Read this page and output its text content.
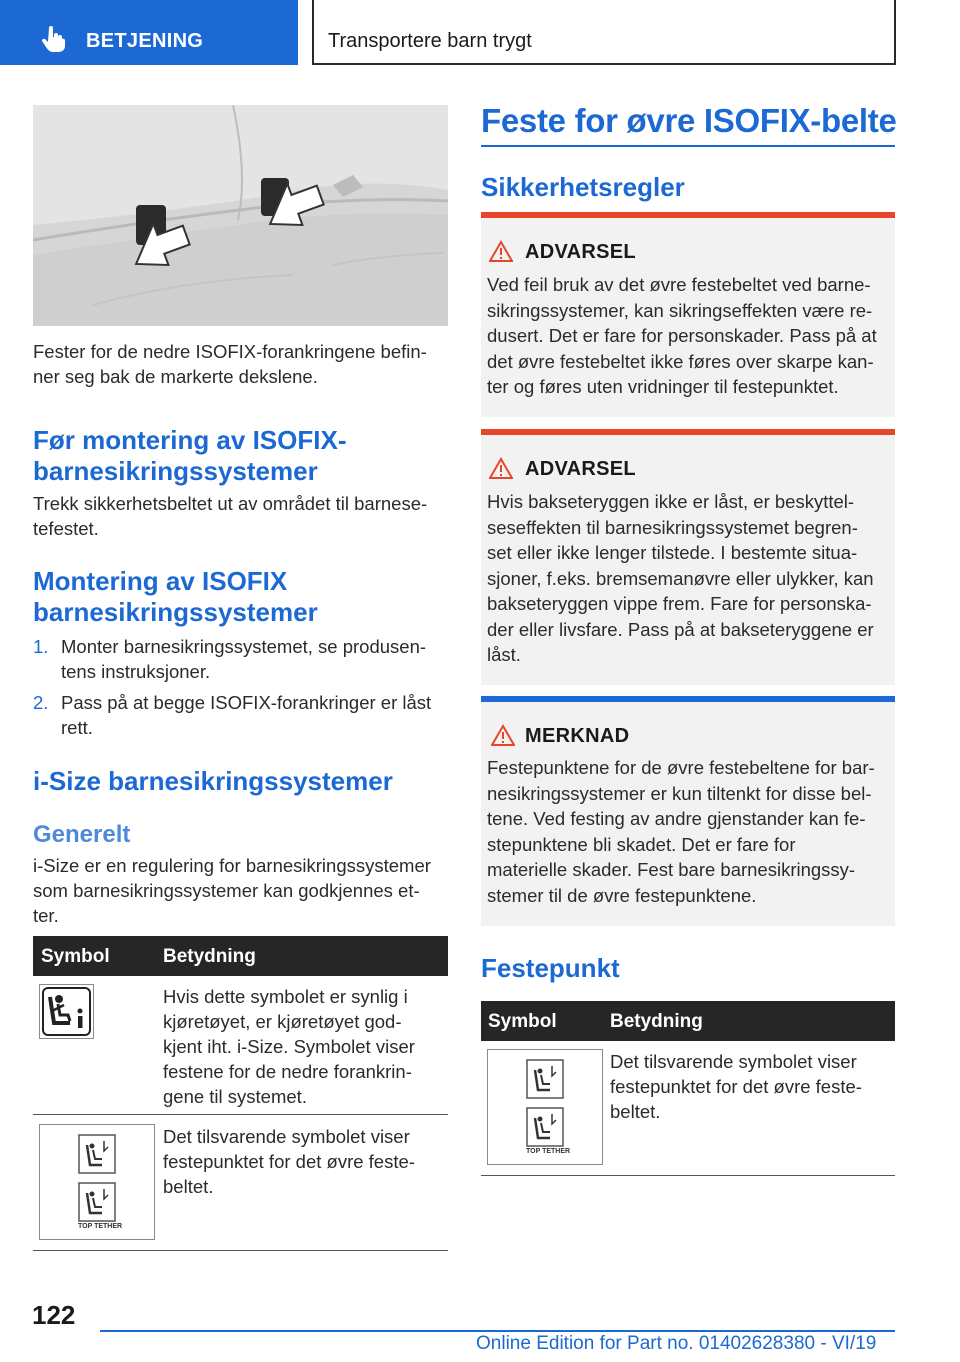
BETJENING	Transportere barn trygt
Fester for de nedre ISOFIX-forankringene befin-
ner seg bak de markerte dekslene.
Før montering av ISOFIX-
barnesikringssystemer
Trekk sikkerhetsbeltet ut av området til barnese-
tefestet.
Montering av ISOFIX
barnesikringssystemer
1. Monter barnesikringssystemet, se produsen-
tens instruksjoner.
2. Pass på at begge ISOFIX-forankringer er låst
rett.
i-Size barnesikringssystemer
Generelt
i-Size er en regulering for barnesikringssystemer
som barnesikringssystemer kan godkjennes et-
ter.
Symbol	Betydning
Hvis dette symbolet er synlig i
kjøretøyet, er kjøretøyet god-
kjent iht. i-Size. Symbolet viser
festene for de nedre forankrin-
gene til systemet.
TOP TETHER
Det tilsvarende symbolet viser
festepunktet for det øvre feste-
beltet.
Feste for øvre ISOFIX-belte
Sikkerhetsregler
ADVARSEL
Ved feil bruk av det øvre festebeltet ved barne-
sikringssystemer, kan sikringseffekten være re-
dusert. Det er fare for personskader. Pass på at
det øvre festebeltet ikke føres over skarpe kan-
ter og føres uten vridninger til festepunktet.
ADVARSEL
Hvis bakseteryggen ikke er låst, er beskyttel-
seseffekten til barnesikringssystemet begren-
set eller ikke lenger tilstede. I bestemte situa-
sjoner, f.eks. bremsemanøvre eller ulykker, kan
bakseteryggen vippe frem. Fare for personska-
der eller livsfare. Pass på at bakseteryggene er
låst.
MERKNAD
Festepunktene for de øvre festebeltene for bar-
nesikringssystemer er kun tiltenkt for disse bel-
tene. Ved festing av andre gjenstander kan fe-
stepunktene bli skadet. Det er fare for
materielle skader. Fest bare barnesikringssy-
stemer til de øvre festepunktene.
Festepunkt
Symbol	Betydning
TOP TETHER
Det tilsvarende symbolet viser
festepunktet for det øvre feste-
beltet.
122
Online Edition for Part no. 01402628380 - VI/19
